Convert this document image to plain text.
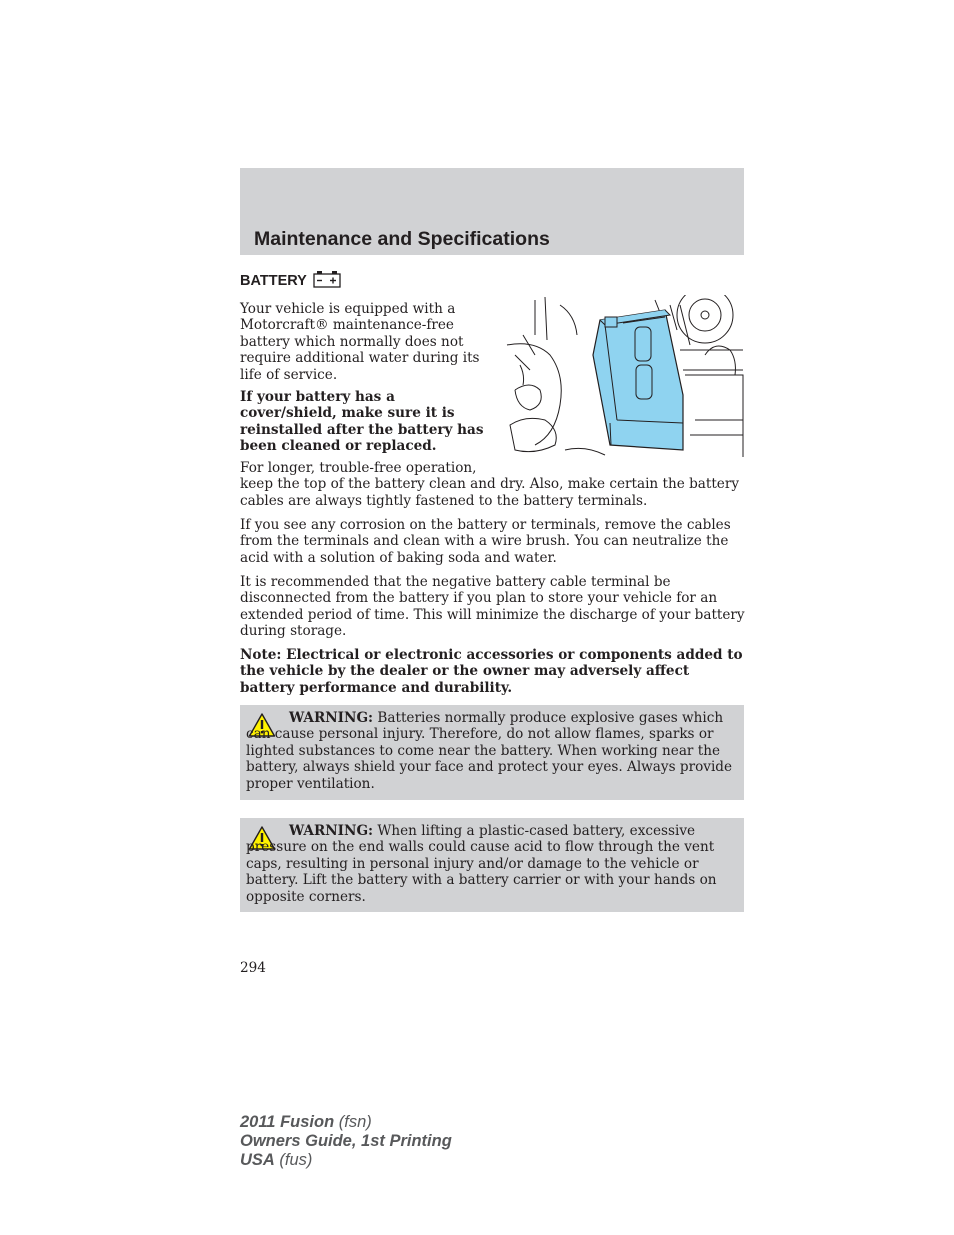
Maintenance and Specifications
BATTERY
Your vehicle is equipped with a Motorcraft® maintenance-free battery which normally does not require additional water during its life of service.
If your battery has a cover/shield, make sure it is reinstalled after the battery has been cleaned or replaced.
For longer, trouble-free operation,
keep the top of the battery clean and dry. Also, make certain the battery cables are always tightly fastened to the battery terminals.
If you see any corrosion on the battery or terminals, remove the cables from the terminals and clean with a wire brush. You can neutralize the acid with a solution of baking soda and water.
It is recommended that the negative battery cable terminal be disconnected from the battery if you plan to store your vehicle for an extended period of time. This will minimize the discharge of your battery during storage.
Note: Electrical or electronic accessories or components added to the vehicle by the dealer or the owner may adversely affect battery performance and durability.
WARNING: Batteries normally produce explosive gases which can cause personal injury. Therefore, do not allow flames, sparks or lighted substances to come near the battery. When working near the battery, always shield your face and protect your eyes. Always provide proper ventilation.
WARNING: When lifting a plastic-cased battery, excessive pressure on the end walls could cause acid to flow through the vent caps, resulting in personal injury and/or damage to the vehicle or battery. Lift the battery with a battery carrier or with your hands on opposite corners.
294
2011 Fusion (fsn)
Owners Guide, 1st Printing
USA (fus)
